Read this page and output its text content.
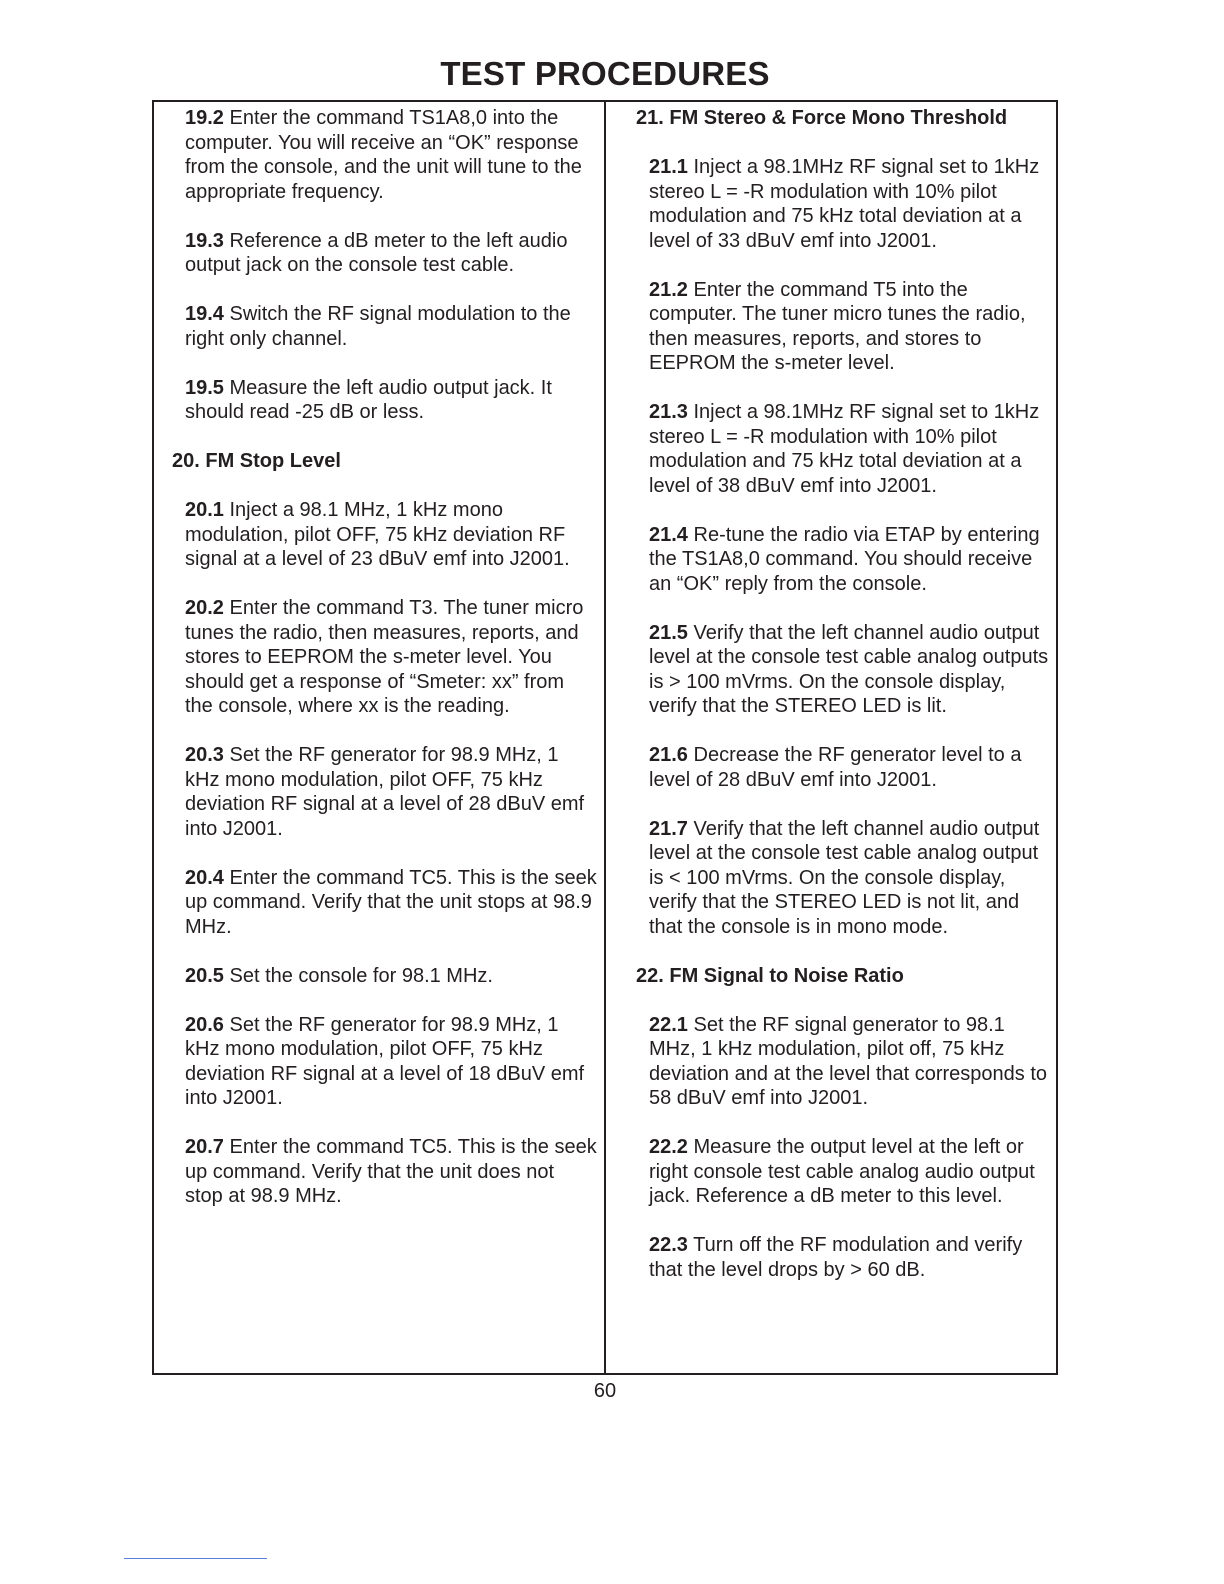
TEST PROCEDURES

19.2 Enter the command TS1A8,0 into the computer. You will receive an “OK” response from the console, and the unit will tune to the appropriate frequency.

19.3 Reference a dB meter to the left audio output jack on the console test cable.

19.4 Switch the RF signal modulation to the right only channel.

19.5 Measure the left audio output jack. It should read -25 dB or less.

20. FM Stop Level

20.1 Inject a 98.1 MHz, 1 kHz mono modulation, pilot OFF, 75 kHz deviation RF signal at a level of 23 dBuV emf into J2001.

20.2 Enter the command T3. The tuner micro tunes the radio, then measures, reports, and stores to EEPROM the s-meter level. You should get a response of “Smeter: xx” from the console, where xx is the reading.

20.3 Set the RF generator for 98.9 MHz, 1 kHz mono modulation, pilot OFF, 75 kHz deviation RF signal at a level of 28 dBuV emf into J2001.

20.4 Enter the command TC5. This is the seek up command. Verify that the unit stops at 98.9 MHz.

20.5 Set the console for 98.1 MHz.

20.6 Set the RF generator for 98.9 MHz, 1 kHz mono modulation, pilot OFF, 75 kHz deviation RF signal at a level of 18 dBuV emf into J2001.

20.7 Enter the command TC5. This is the seek up command. Verify that the unit does not stop at 98.9 MHz.

21. FM Stereo & Force Mono Threshold

21.1 Inject a 98.1MHz RF signal set to 1kHz stereo L = -R modulation with 10% pilot modulation and 75 kHz total deviation at a level of 33 dBuV emf into J2001.

21.2 Enter the command T5 into the computer. The tuner micro tunes the radio, then measures, reports, and stores to EEPROM the s-meter level.

21.3 Inject a 98.1MHz RF signal set to 1kHz stereo L = -R modulation with 10% pilot modulation and 75 kHz total deviation at a level of 38 dBuV emf into J2001.

21.4 Re-tune the radio via ETAP by entering the TS1A8,0 command. You should receive an “OK” reply from the console.

21.5 Verify that the left channel audio output level at the console test cable analog outputs is > 100 mVrms. On the console display, verify that the STEREO LED is lit.

21.6 Decrease the RF generator level to a level of 28 dBuV emf into J2001.

21.7 Verify that the left channel audio output level at the console test cable analog output is < 100 mVrms. On the console display, verify that the STEREO LED is not lit, and that the console is in mono mode.

22. FM Signal to Noise Ratio

22.1 Set the RF signal generator to 98.1 MHz, 1 kHz modulation, pilot off, 75 kHz deviation and at the level that corresponds to 58 dBuV emf into J2001.

22.2 Measure the output level at the left or right console test cable analog audio output jack. Reference a dB meter to this level.

22.3 Turn off the RF modulation and verify that the level drops by > 60 dB.

60
